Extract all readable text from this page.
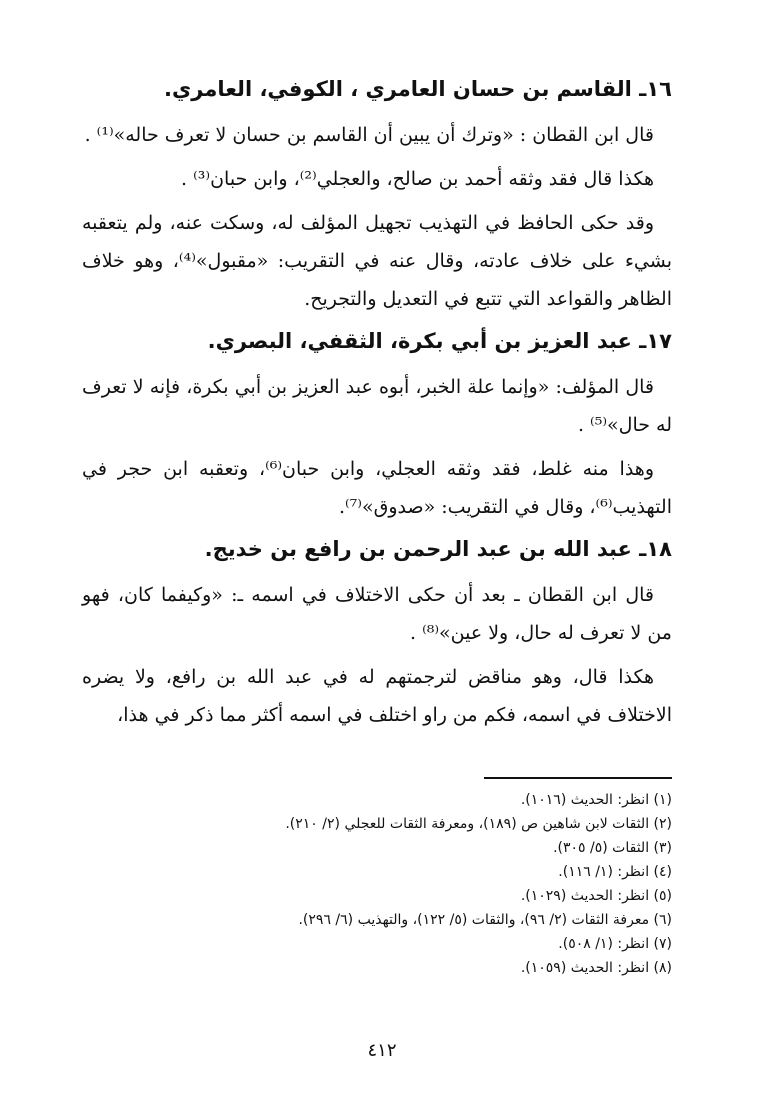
١٦ـ القاسم بن حسان العامري ، الكوفي، العامري.

قال ابن القطان : «وترك أن يبين أن القاسم بن حسان لا تعرف حاله»⁽¹⁾ .

هكذا قال فقد وثقه أحمد بن صالح، والعجلي⁽²⁾، وابن حبان⁽³⁾ .

وقد حكى الحافظ في التهذيب تجهيل المؤلف له، وسكت عنه، ولم يتعقبه بشيء على خلاف عادته، وقال عنه في التقريب: «مقبول»⁽⁴⁾، وهو خلاف الظاهر والقواعد التي تتبع في التعديل والتجريح.

١٧ـ عبد العزيز بن أبي بكرة، الثقفي، البصري.

قال المؤلف: «وإنما علة الخبر، أبوه عبد العزيز بن أبي بكرة، فإنه لا تعرف له حال»⁽⁵⁾ .

وهذا منه غلط، فقد وثقه العجلي، وابن حبان⁽⁶⁾، وتعقبه ابن حجر في التهذيب⁽⁶⁾، وقال في التقريب: «صدوق»⁽⁷⁾.

١٨ـ عبد الله بن عبد الرحمن بن رافع بن خديج.

قال ابن القطان ـ بعد أن حكى الاختلاف في اسمه ـ: «وكيفما كان، فهو من لا تعرف له حال، ولا عين»⁽⁸⁾ .

هكذا قال، وهو مناقض لترجمتهم له في عبد الله بن رافع، ولا يضره الاختلاف في اسمه، فكم من راو اختلف في اسمه أكثر مما ذكر في هذا،

(١) انظر: الحديث (١٠١٦).
(٢) الثقات لابن شاهين ص (١٨٩)، ومعرفة الثقات للعجلي (٢/ ٢١٠).
(٣) الثقات (٥/ ٣٠٥).
(٤) انظر: (١/ ١١٦).
(٥) انظر: الحديث (١٠٢٩).
(٦) معرفة الثقات (٢/ ٩٦)، والثقات (٥/ ١٢٢)، والتهذيب (٦/ ٢٩٦).
(٧) انظر: (١/ ٥٠٨).
(٨) انظر: الحديث (١٠٥٩).
٤١٢
